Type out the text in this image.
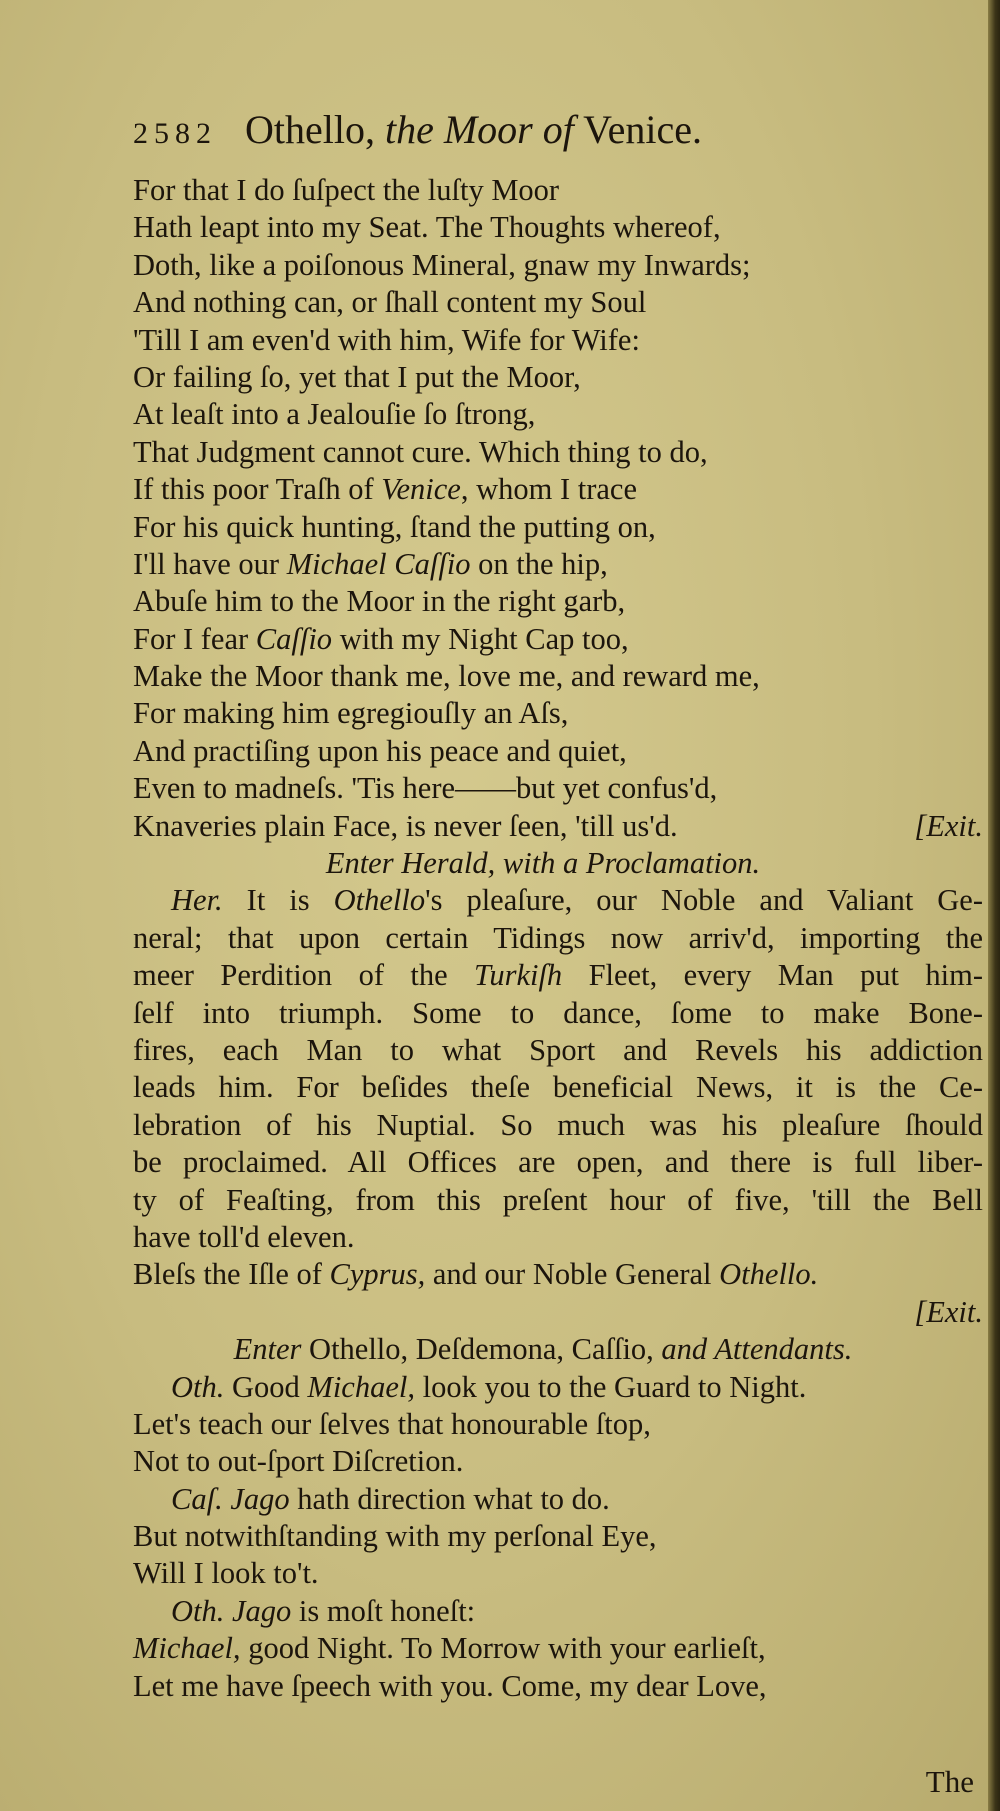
2582 Othello, the Moor of Venice.
For that I do ſuſpect the luſty Moor
Hath leapt into my Seat. The Thoughts whereof,
Doth, like a poiſonous Mineral, gnaw my Inwards;
And nothing can, or ſhall content my Soul
'Till I am even'd with him, Wife for Wife:
Or failing ſo, yet that I put the Moor,
At leaſt into a Jealouſie ſo ſtrong,
That Judgment cannot cure. Which thing to do,
If this poor Traſh of Venice, whom I trace
For his quick hunting, ſtand the putting on,
I'll have our Michael Caſſio on the hip,
Abuſe him to the Moor in the right garb,
For I fear Caſſio with my Night Cap too,
Make the Moor thank me, love me, and reward me,
For making him egregiouſly an Aſs,
And practiſing upon his peace and quiet,
Even to madneſs. 'Tis here——but yet confus'd,
Knaveries plain Face, is never ſeen, 'till us'd.	[Exit.
Enter Herald, with a Proclamation.
Her. It is Othello's pleaſure, our Noble and Valiant Ge-
neral; that upon certain Tidings now arriv'd, importing the
meer Perdition of the Turkiſh Fleet, every Man put him-
ſelf into triumph. Some to dance, ſome to make Bone-
fires, each Man to what Sport and Revels his addiction
leads him. For beſides theſe beneficial News, it is the Ce-
lebration of his Nuptial. So much was his pleaſure ſhould
be proclaimed. All Offices are open, and there is full liber-
ty of Feaſting, from this preſent hour of five, 'till the Bell
have toll'd eleven.
Bleſs the Iſle of Cyprus, and our Noble General Othello.
[Exit.
Enter Othello, Deſdemona, Caſſio, and Attendants.
Oth. Good Michael, look you to the Guard to Night.
Let's teach our ſelves that honourable ſtop,
Not to out-ſport Diſcretion.
Caſ. Jago hath direction what to do.
But notwithſtanding with my perſonal Eye,
Will I look to't.
Oth. Jago is moſt honeſt:
Michael, good Night. To Morrow with your earlieſt,
Let me have ſpeech with you. Come, my dear Love,
The
